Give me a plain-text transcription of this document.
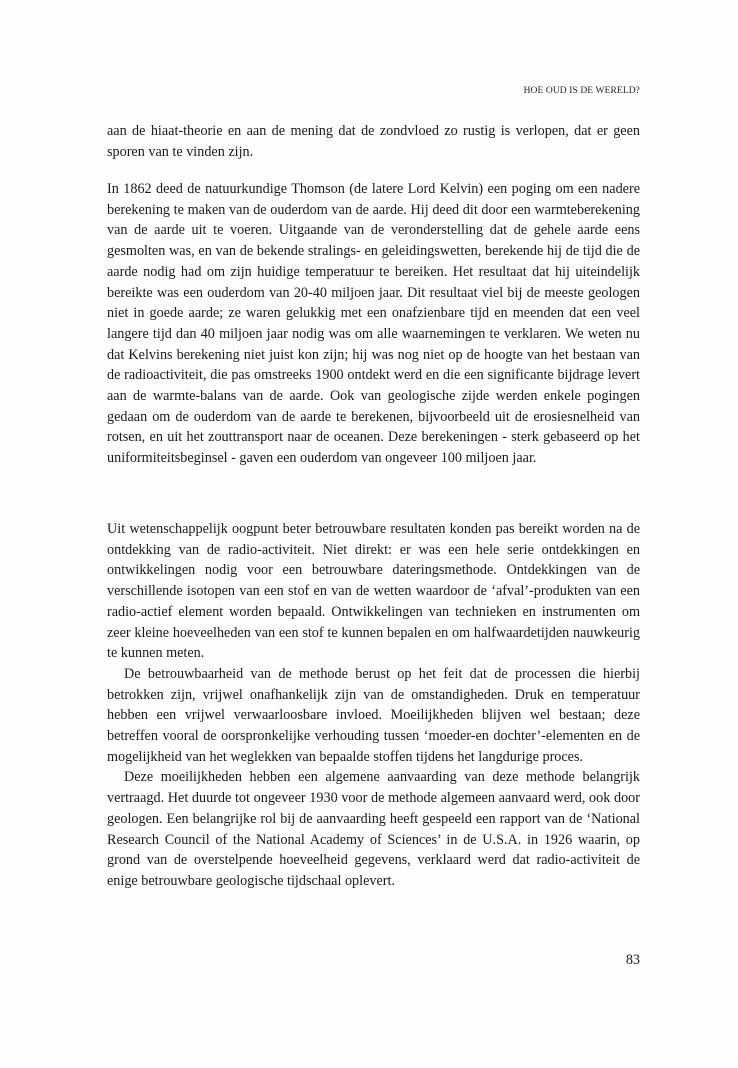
HOE OUD IS DE WERELD?

aan de hiaat-theorie en aan de mening dat de zondvloed zo rustig is verlopen, dat er geen sporen van te vinden zijn.

In 1862 deed de natuurkundige Thomson (de latere Lord Kelvin) een poging om een nadere berekening te maken van de ouderdom van de aarde. Hij deed dit door een warmteberekening van de aarde uit te voeren. Uitgaande van de veronderstelling dat de gehele aarde eens gesmolten was, en van de bekende stralings- en geleidingswetten, berekende hij de tijd die de aarde nodig had om zijn huidige temperatuur te bereiken. Het resultaat dat hij uiteindelijk bereikte was een ouderdom van 20-40 miljoen jaar. Dit resultaat viel bij de meeste geologen niet in goede aarde; ze waren gelukkig met een onafzienbare tijd en meenden dat een veel langere tijd dan 40 miljoen jaar nodig was om alle waarnemingen te verklaren. We weten nu dat Kelvins berekening niet juist kon zijn; hij was nog niet op de hoogte van het bestaan van de radioactiviteit, die pas omstreeks 1900 ontdekt werd en die een significante bijdrage levert aan de warmte-balans van de aarde. Ook van geologische zijde werden enkele pogingen gedaan om de ouderdom van de aarde te berekenen, bijvoorbeeld uit de erosiesnelheid van rotsen, en uit het zouttransport naar de oceanen. Deze berekeningen - sterk gebaseerd op het uniformiteitsbeginsel - gaven een ouderdom van ongeveer 100 miljoen jaar.

Uit wetenschappelijk oogpunt beter betrouwbare resultaten konden pas bereikt worden na de ontdekking van de radio-activiteit. Niet direkt: er was een hele serie ontdekkingen en ontwikkelingen nodig voor een betrouwbare dateringsmethode. Ontdekkingen van de verschillende isotopen van een stof en van de wetten waardoor de ‘afval’-produkten van een radio-actief element worden bepaald. Ontwikkelingen van technieken en instrumenten om zeer kleine hoeveelheden van een stof te kunnen bepalen en om halfwaardetijden nauwkeurig te kunnen meten.

De betrouwbaarheid van de methode berust op het feit dat de processen die hierbij betrokken zijn, vrijwel onafhankelijk zijn van de omstandigheden. Druk en temperatuur hebben een vrijwel verwaarloosbare invloed. Moeilijkheden blijven wel bestaan; deze betreffen vooral de oorspronkelijke verhouding tussen ‘moeder-en dochter’-elementen en de mogelijkheid van het weglekken van bepaalde stoffen tijdens het langdurige proces.

Deze moeilijkheden hebben een algemene aanvaarding van deze methode belangrijk vertraagd. Het duurde tot ongeveer 1930 voor de methode algemeen aanvaard werd, ook door geologen. Een belangrijke rol bij de aanvaarding heeft gespeeld een rapport van de ‘National Research Council of the National Academy of Sciences’ in de U.S.A. in 1926 waarin, op grond van de overstelpende hoeveelheid gegevens, verklaard werd dat radio-activiteit de enige betrouwbare geologische tijdschaal oplevert.

83
